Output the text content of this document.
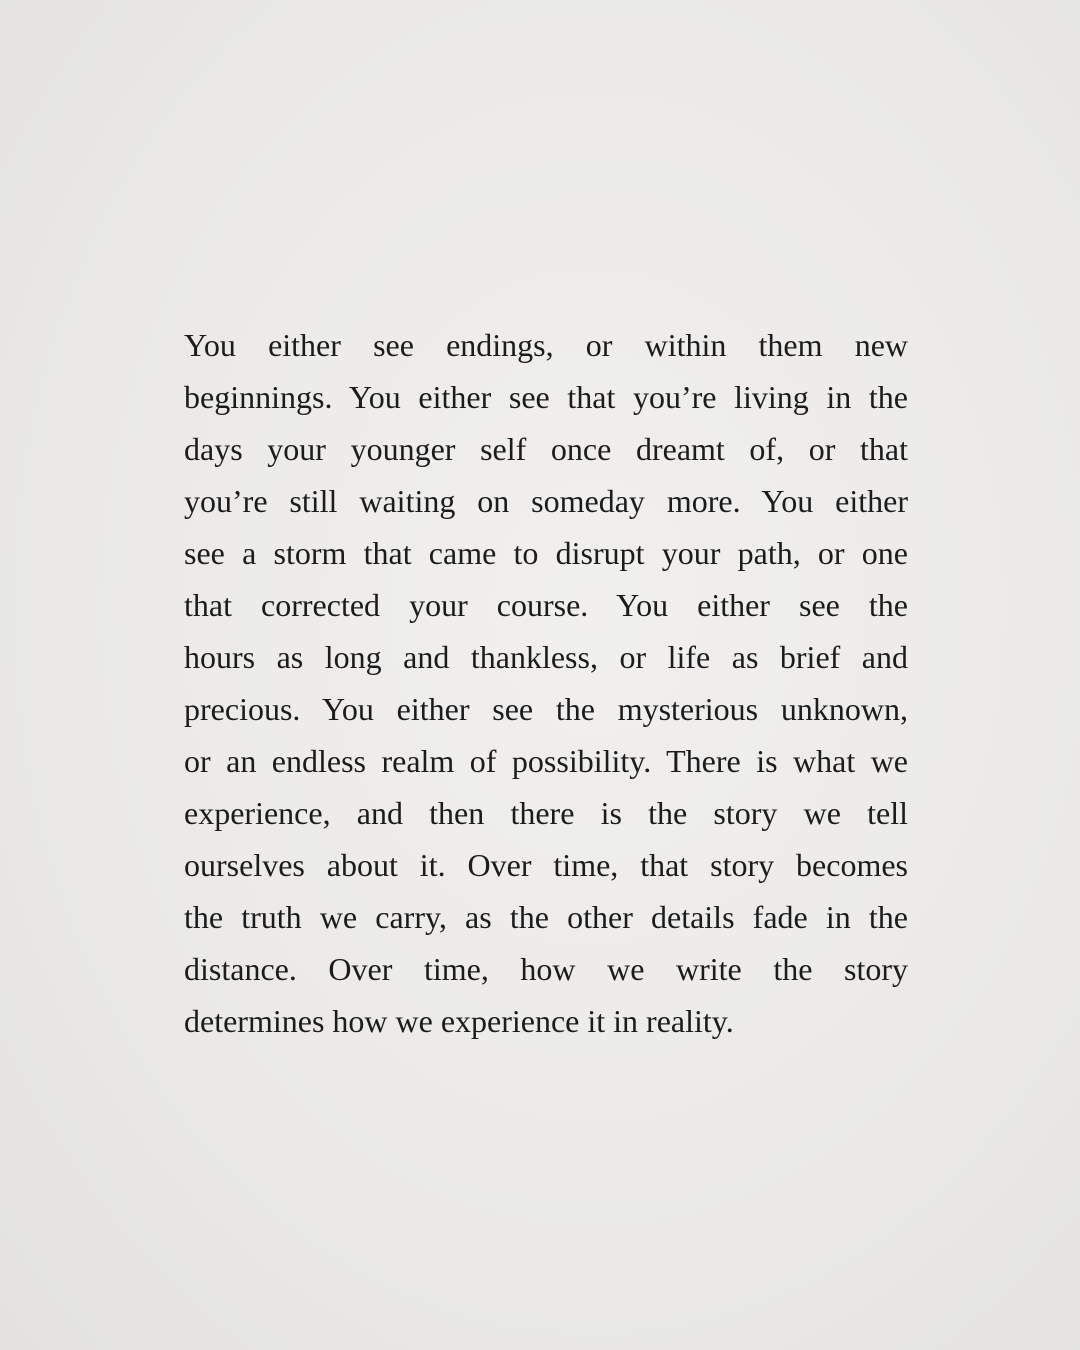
You either see endings, or within them new
beginnings. You either see that you’re living in the
days your younger self once dreamt of, or that
you’re still waiting on someday more. You either
see a storm that came to disrupt your path, or one
that corrected your course. You either see the
hours as long and thankless, or life as brief and
precious. You either see the mysterious unknown,
or an endless realm of possibility. There is what we
experience, and then there is the story we tell
ourselves about it. Over time, that story becomes
the truth we carry, as the other details fade in the
distance. Over time, how we write the story
determines how we experience it in reality.
